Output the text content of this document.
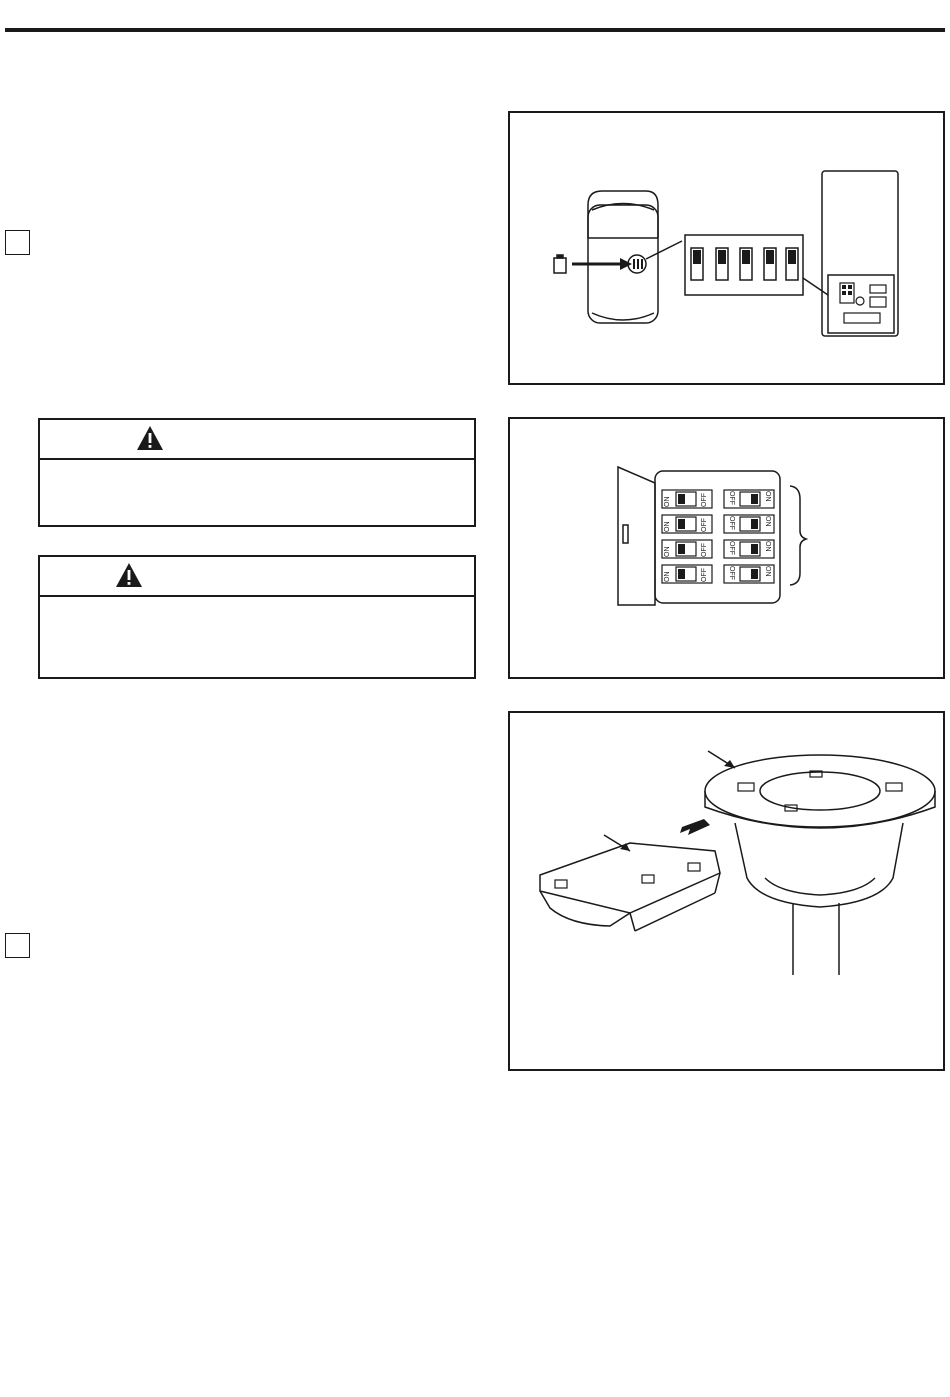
ON
ON
ON
ON
OFF
OFF
OFF
OFF
OFF
OFF
OFF
OFF
ON
ON
ON
ON
